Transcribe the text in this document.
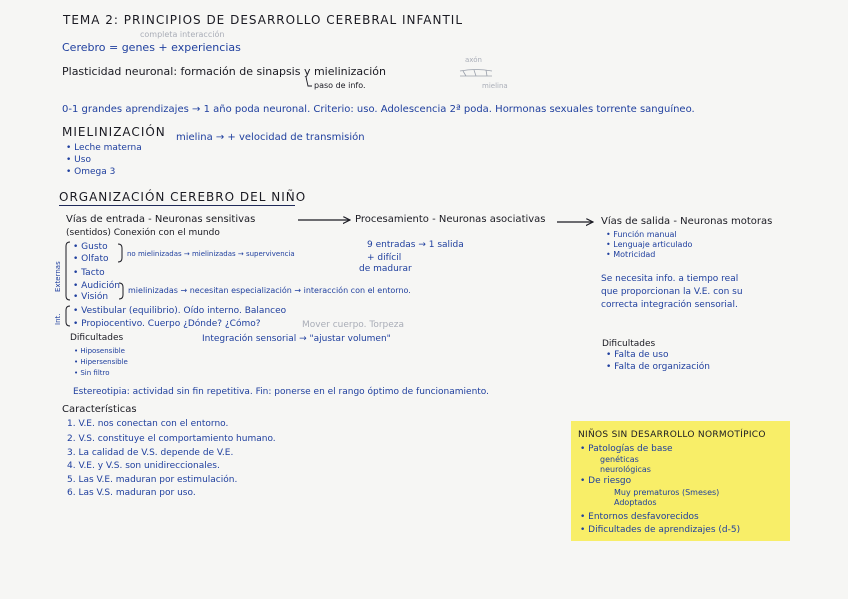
TEMA 2: PRINCIPIOS DE DESARROLLO CEREBRAL INFANTIL
completa interacción
Cerebro = genes + experiencias
Plasticidad neuronal: formación de sinapsis y mielinización
paso de info.
axón
mielina
0-1 grandes aprendizajes → 1 año poda neuronal. Criterio: uso. Adolescencia 2ª poda. Hormonas sexuales torrente sanguíneo.
MIELINIZACIÓN mielina → + velocidad de transmisión
• Leche materna
• Uso
• Omega 3
ORGANIZACIÓN CEREBRO DEL NIÑO
Vías de entrada - Neuronas sensitivas	Procesamiento - Neuronas asociativas	Vías de salida - Neuronas motoras
(sentidos) Conexión con el mundo
9 entradas → 1 salida
+ difícil
de madurar
• Función manual
• Lenguaje articulado
• Motricidad
Se necesita info. a tiempo real
que proporcionan la V.E. con su
correcta integración sensorial.
Externas
Int.
• Gusto
• Olfato	no mielinizadas → mielinizadas → supervivencia
• Tacto
• Audición
• Visión
mielinizadas → necesitan especialización → interacción con el entorno.
• Vestibular (equilibrio). Oído interno. Balanceo
• Propiocentivo. Cuerpo ¿Dónde? ¿Cómo?	Mover cuerpo. Torpeza
Integración sensorial → "ajustar volumen"
Dificultades
• Hiposensible
• Hipersensible
• Sin filtro
Dificultades
• Falta de uso
• Falta de organización
Estereotipia: actividad sin fin repetitiva. Fin: ponerse en el rango óptimo de funcionamiento.
Características
1. V.E. nos conectan con el entorno.
2. V.S. constituye el comportamiento humano.
3. La calidad de V.S. depende de V.E.
4. V.E. y V.S. son unidireccionales.
5. Las V.E. maduran por estimulación.
6. Las V.S. maduran por uso.
NIÑOS SIN DESARROLLO NORMOTÍPICO
• Patologías de base
genéticas
neurológicas
• De riesgo
Muy prematuros (Smeses)
Adoptados
• Entornos desfavorecidos
• Dificultades de aprendizajes (d-5)
